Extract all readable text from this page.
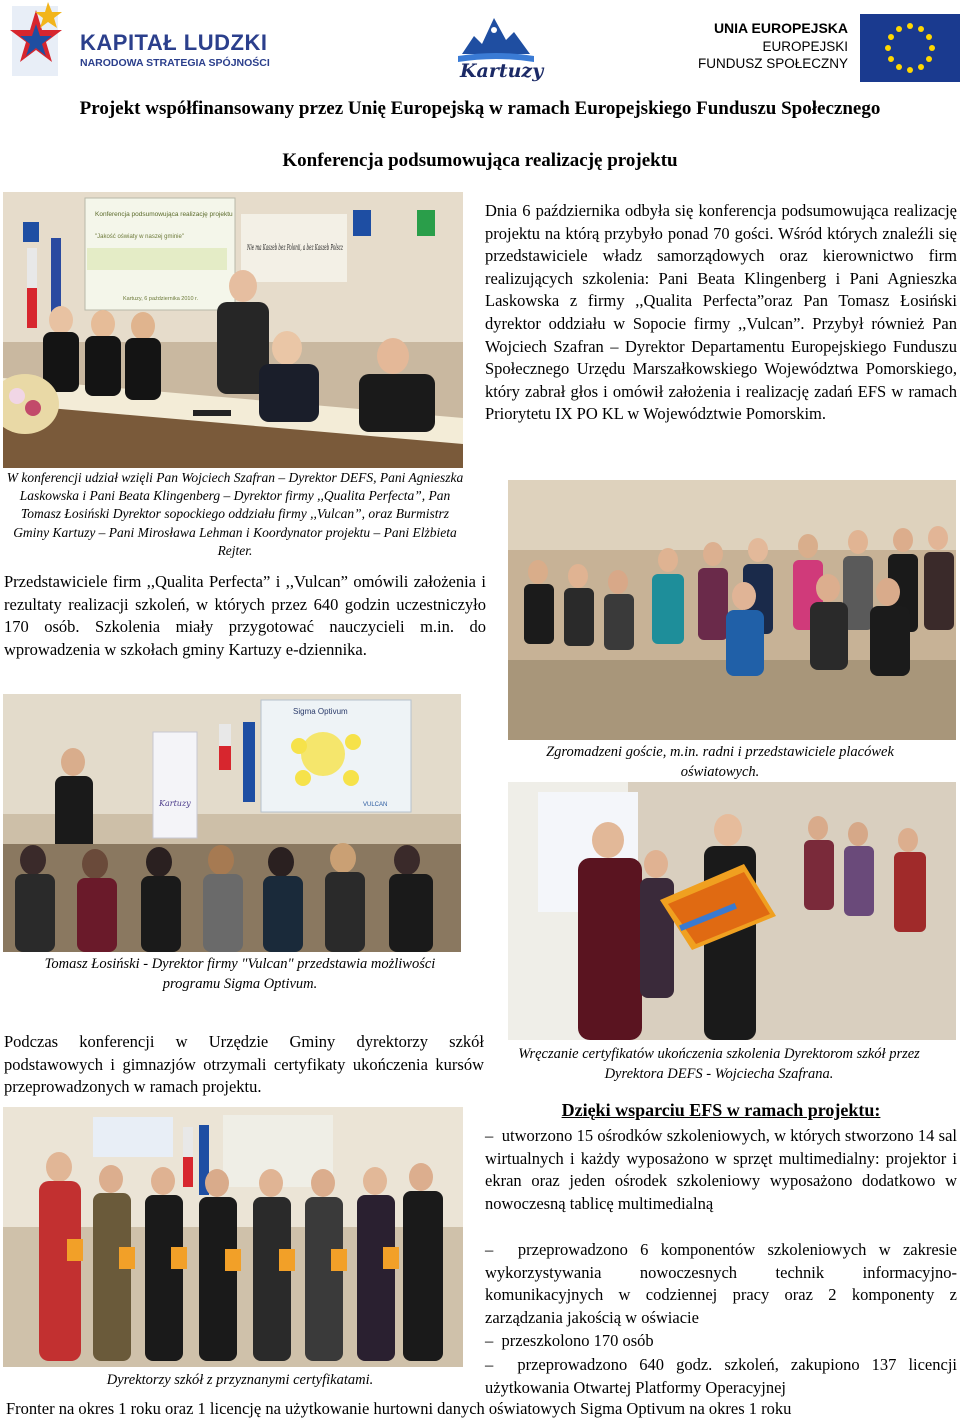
KAPITAŁ LUDZKI
NARODOWA STRATEGIA SPÓJNOŚCI	Kartuzy
UNIA EUROPEJSKA
EUROPEJSKI
FUNDUSZ SPOŁECZNY
Projekt współfinansowany przez Unię Europejską w ramach Europejskiego Funduszu Społecznego
Konferencja podsumowująca realizację projektu
Konferencja podsumowująca realizację projektu
"Jakość oświaty w naszej gminie"
Kartuzy, 6 października 2010 r.
Nie ma Kaszeb bez Polonii, a bez Kaszeb Polscz
W konferencji udział wzięli Pan Wojciech Szafran – Dyrektor DEFS, Pani Agnieszka Laskowska i Pani Beata Klingenberg – Dyrektor firmy ,,Qualita Perfecta”, Pan Tomasz Łosiński Dyrektor sopockiego oddziału firmy ,,Vulcan”, oraz Burmistrz Gminy Kartuzy – Pani Mirosława Lehman i Koordynator projektu – Pani Elżbieta Rejter.
Dnia 6 października odbyła się konferencja podsumowująca realizację projektu na którą przybyło ponad 70 gości. Wśród których znaleźli się przedstawiciele władz samorządowych oraz kierownictwo firm realizujących szkolenia: Pani Beata Klingenberg i Pani Agnieszka Laskowska z firmy ,,Qualita Perfecta”oraz Pan Tomasz Łosiński dyrektor oddziału w Sopocie firmy ,,Vulcan”. Przybył również Pan Wojciech Szafran – Dyrektor Departamentu Europejskiego Funduszu Społecznego Urzędu Marszałkowskiego Województwa Pomorskiego, który zabrał głos i omówił założenia i realizację zadań EFS w ramach Priorytetu IX PO KL w Województwie Pomorskim.
Przedstawiciele firm ,,Qualita Perfecta” i ,,Vulcan” omówili założenia i rezultaty realizacji szkoleń, w których przez 640 godzin uczestniczyło 170 osób. Szkolenia miały przygotować nauczycieli m.in. do wprowadzenia w szkołach gminy Kartuzy e-dziennika.
Zgromadzeni goście, m.in. radni i przedstawiciele placówek oświatowych.
Sigma Optivum
VULCAN
Kartuzy
Tomasz Łosiński - Dyrektor firmy "Vulcan" przedstawia możliwości programu Sigma Optivum.
Wręczanie certyfikatów ukończenia szkolenia Dyrektorom szkół przez Dyrektora DEFS - Wojciecha Szafrana.
Podczas konferencji w Urzędzie Gminy dyrektorzy szkół podstawowych i gimnazjów otrzymali certyfikaty ukończenia kursów przeprowadzonych w ramach projektu.
Dyrektorzy szkół z przyznanymi certyfikatami.
Dzięki wsparciu EFS w ramach projektu:
–  utworzono 15 ośrodków szkoleniowych, w których stworzono 14 sal wirtualnych i każdy wyposażono w sprzęt multimedialny: projektor i ekran oraz jeden ośrodek szkoleniowy wyposażono dodatkowo w nowoczesną tablicę multimedialną
–  przeprowadzono 6 komponentów szkoleniowych w zakresie wykorzystywania nowoczesnych technik informacyjno-komunikacyjnych w codziennej pracy oraz 2 komponenty z zarządzania jakością w oświacie
–  przeszkolono 170 osób
–  przeprowadzono 640 godz. szkoleń, zakupiono 137 licencji użytkowania Otwartej Platformy Operacyjnej
Fronter na okres 1 roku oraz 1 licencję na użytkowanie hurtowni danych oświatowych Sigma Optivum na okres 1 roku
